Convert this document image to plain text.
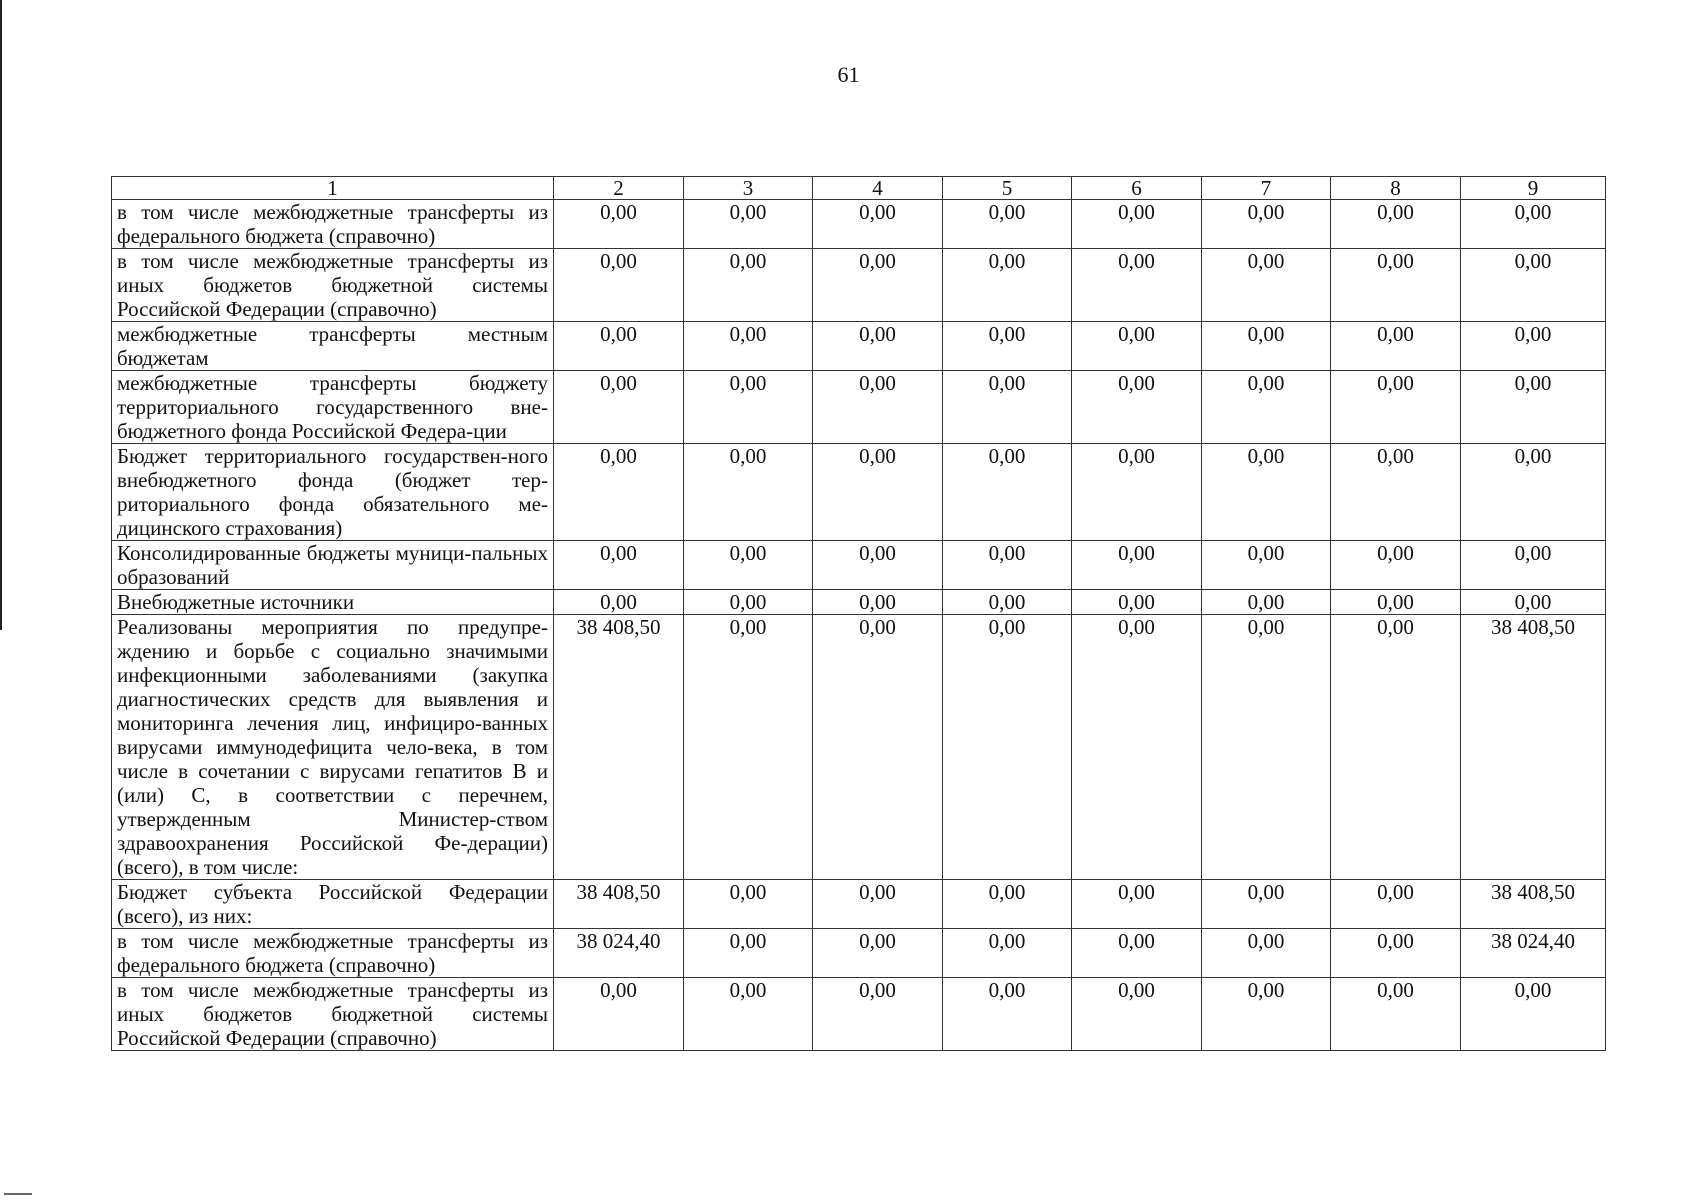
61
1	2	3	4	5	6	7	8	9
в том числе межбюджетные трансферты из федерального бюджета (справочно)	0,00	0,00	0,00	0,00	0,00	0,00	0,00	0,00
в том числе межбюджетные трансферты из иных бюджетов бюджетной системы Российской Федерации (справочно)	0,00	0,00	0,00	0,00	0,00	0,00	0,00	0,00
межбюджетные трансферты местным бюджетам	0,00	0,00	0,00	0,00	0,00	0,00	0,00	0,00
межбюджетные трансферты бюджету территориального государственного вне-бюджетного фонда Российской Федера-ции	0,00	0,00	0,00	0,00	0,00	0,00	0,00	0,00
Бюджет территориального государствен-ного внебюджетного фонда (бюджет тер-риториального фонда обязательного ме-дицинского страхования)	0,00	0,00	0,00	0,00	0,00	0,00	0,00	0,00
Консолидированные бюджеты муници-пальных образований	0,00	0,00	0,00	0,00	0,00	0,00	0,00	0,00
Внебюджетные источники	0,00	0,00	0,00	0,00	0,00	0,00	0,00	0,00
Реализованы мероприятия по предупре-ждению и борьбе с социально значимыми инфекционными заболеваниями (закупка диагностических средств для выявления и мониторинга лечения лиц, инфициро-ванных вирусами иммунодефицита чело-века, в том числе в сочетании с вирусами гепатитов В и (или) С, в соответствии с перечнем, утвержденным Министер-ством здравоохранения Российской Фе-дерации) (всего), в том числе:	38 408,50	0,00	0,00	0,00	0,00	0,00	0,00	38 408,50
Бюджет субъекта Российской Федерации (всего), из них:	38 408,50	0,00	0,00	0,00	0,00	0,00	0,00	38 408,50
в том числе межбюджетные трансферты из федерального бюджета (справочно)	38 024,40	0,00	0,00	0,00	0,00	0,00	0,00	38 024,40
в том числе межбюджетные трансферты из иных бюджетов бюджетной системы Российской Федерации (справочно)	0,00	0,00	0,00	0,00	0,00	0,00	0,00	0,00
